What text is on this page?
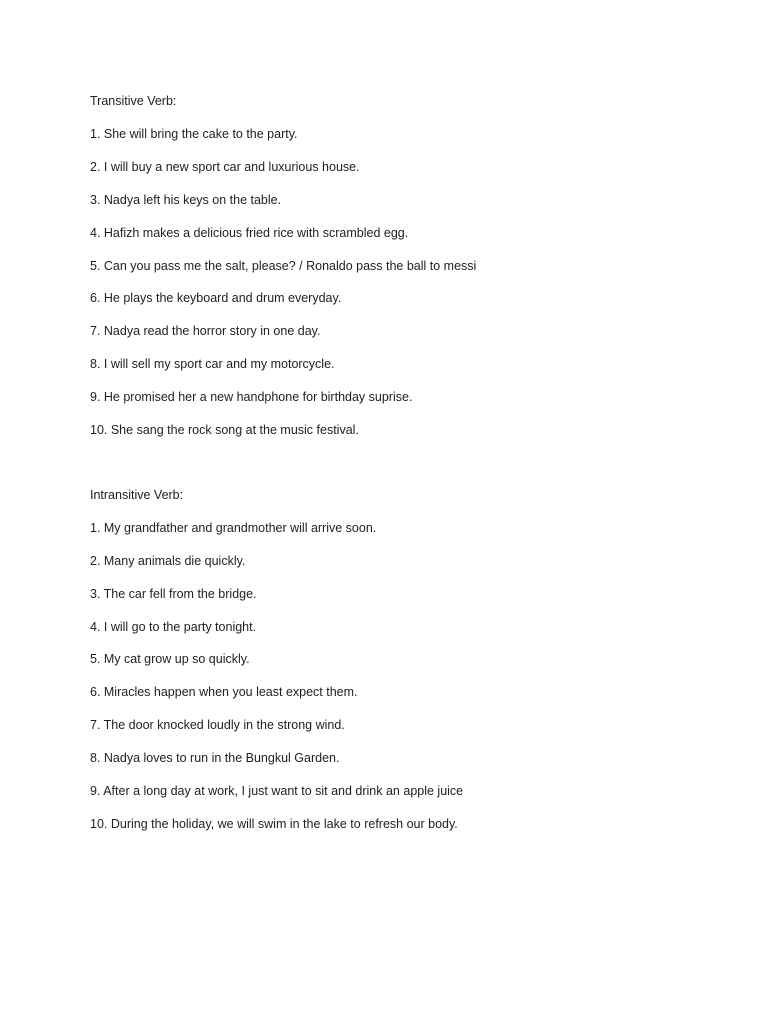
Transitive Verb:

1. She will bring the cake to the party.

2. I will buy a new sport car and luxurious house.

3. Nadya left his keys on the table.

4. Hafizh makes a delicious fried rice with scrambled egg.

5. Can you pass me the salt, please? / Ronaldo pass the ball to messi

6. He plays the keyboard and drum everyday.

7. Nadya read the horror story in one day.

8. I will sell my sport car and my motorcycle.

9. He promised her a new handphone for birthday suprise.

10. She sang the rock song at the music festival.

Intransitive Verb:

1. My grandfather and grandmother will arrive soon.

2. Many animals die quickly.

3. The car fell from the bridge.

4. I will go to the party tonight.

5. My cat grow up so quickly.

6. Miracles happen when you least expect them.

7. The door knocked loudly in the strong wind.

8. Nadya loves to run in the Bungkul Garden.

9. After a long day at work, I just want to sit and drink an apple juice

10. During the holiday, we will swim in the lake to refresh our body.
